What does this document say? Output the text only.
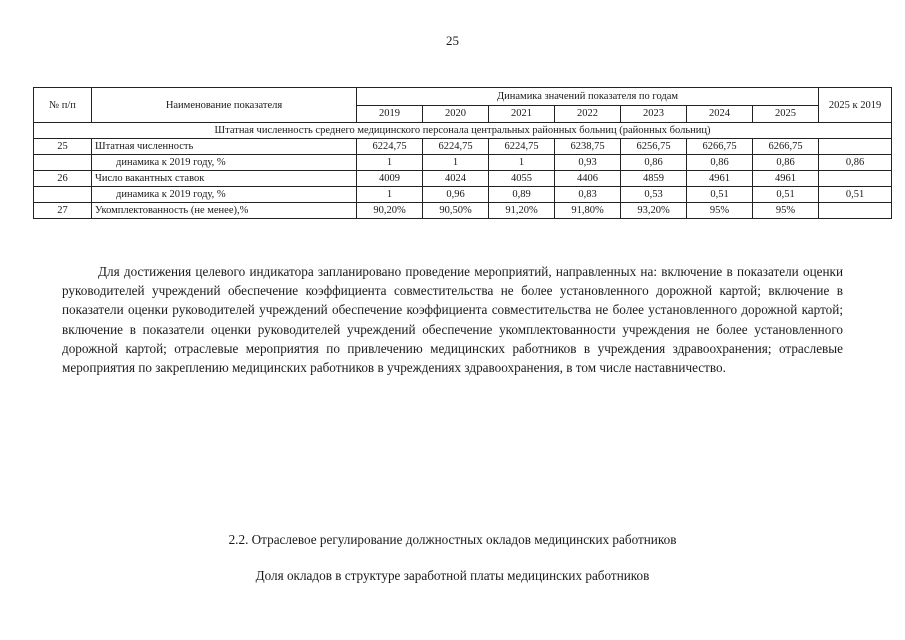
25
№ п/п	Наименование показателя	Динамика значений показателя по годам							2025 к 2019
		2019	2020	2021	2022	2023	2024	2025	
Штатная численность среднего медицинского персонала центральных районных больниц (районных больниц)									
25	Штатная численность	6224,75	6224,75	6224,75	6238,75	6256,75	6266,75	6266,75	
	динамика к 2019 году, %	1	1	1	0,93	0,86	0,86	0,86	0,86
26	Число вакантных ставок	4009	4024	4055	4406	4859	4961	4961	
	динамика к 2019 году, %	1	0,96	0,89	0,83	0,53	0,51	0,51	0,51
27	Укомплектованность (не менее),%	90,20%	90,50%	91,20%	91,80%	93,20%	95%	95%	
Для достижения целевого индикатора запланировано проведение мероприятий, направленных на: включение в показатели оценки руководителей учреждений обеспечение коэффициента совместительства не более установленного дорожной картой; включение в показатели оценки руководителей учреждений обеспечение коэффициента совместительства не более установленного дорожной картой; включение в показатели оценки руководителей учреждений обеспечение укомплектованности учреждения не более установленного дорожной картой; отраслевые мероприятия по привлечению медицинских работников в учреждения здравоохранения; отраслевые мероприятия по закреплению медицинских работников в учреждениях здравоохранения, в том числе наставничество.
2.2. Отраслевое регулирование должностных окладов медицинских работников
Доля окладов в структуре заработной платы медицинских работников
